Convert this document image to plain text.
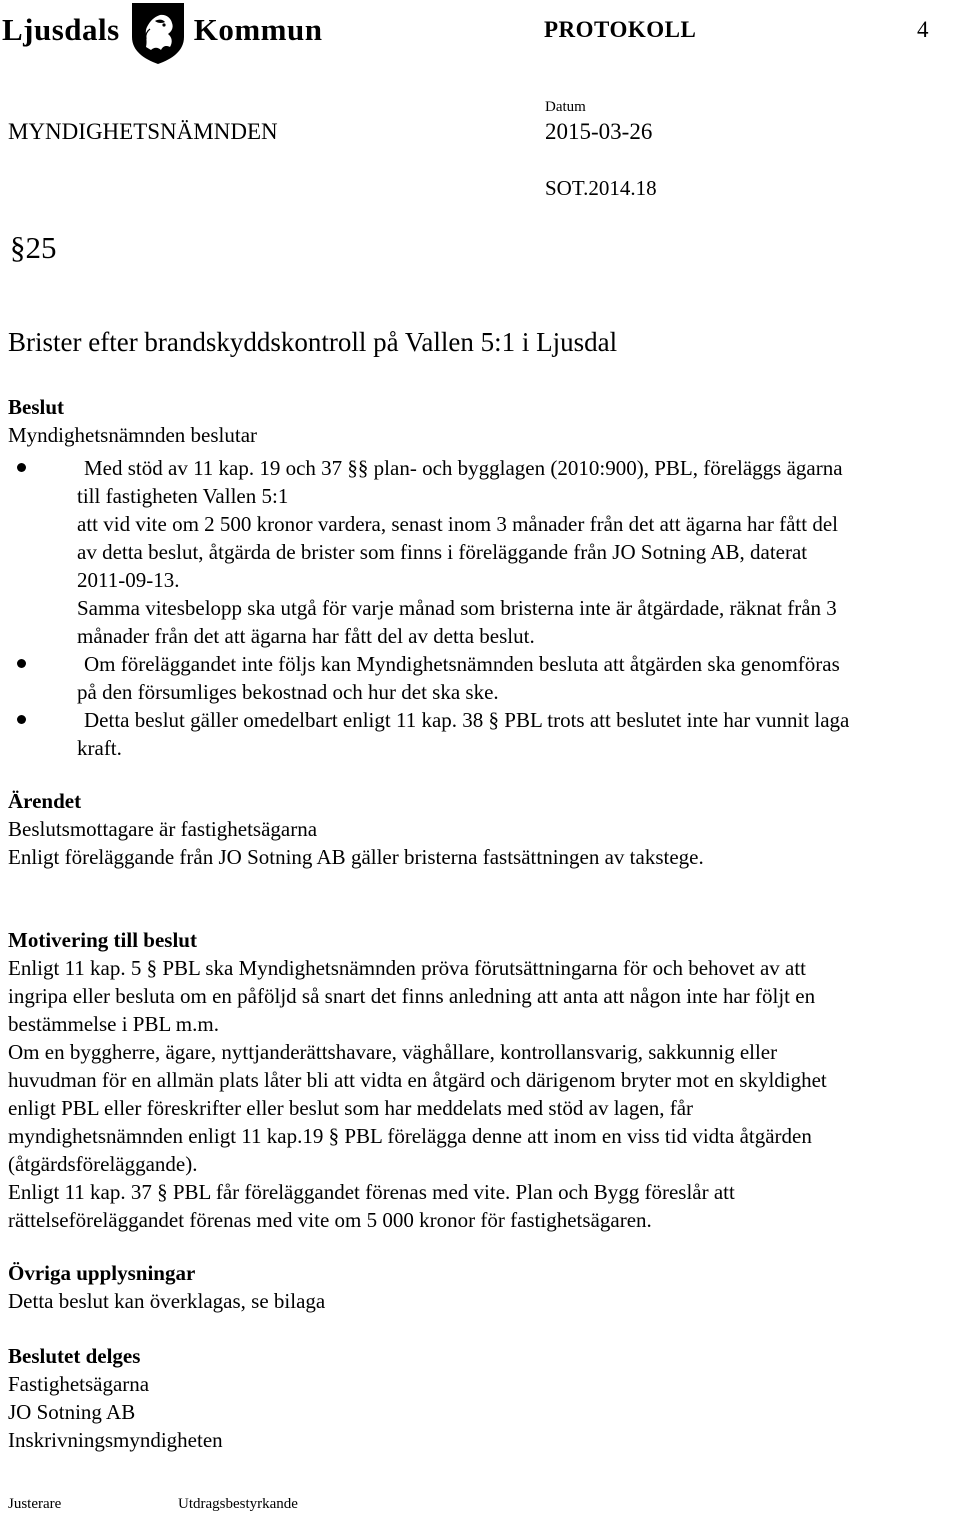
Ljusdals Kommun	PROTOKOLL	4
MYNDIGHETSNÄMNDEN
Datum
2015-03-26
SOT.2014.18
§25
Brister efter brandskyddskontroll på Vallen 5:1 i Ljusdal
Beslut
Myndighetsnämnden beslutar

Med stöd av 11 kap. 19 och 37 §§ plan- och bygglagen (2010:900), PBL, föreläggs ägarna

till fastigheten Vallen 5:1

att vid vite om 2 500 kronor vardera, senast inom 3 månader från det att ägarna har fått del

av detta beslut, åtgärda de brister som finns i föreläggande från JO Sotning AB, daterat

2011-09-13.

Samma vitesbelopp ska utgå för varje månad som bristerna inte är åtgärdade, räknat från 3

månader från det att ägarna har fått del av detta beslut.

Om föreläggandet inte följs kan Myndighetsnämnden besluta att åtgärden ska genomföras

på den försumliges bekostnad och hur det ska ske.

Detta beslut gäller omedelbart enligt 11 kap. 38 § PBL trots att beslutet inte har vunnit laga

kraft.

Ärendet
Beslutsmottagare är fastighetsägarna
Enligt föreläggande från JO Sotning AB gäller bristerna fastsättningen av takstege.
Motivering till beslut
Enligt 11 kap. 5 § PBL ska Myndighetsnämnden pröva förutsättningarna för och behovet av att
ingripa eller besluta om en påföljd så snart det finns anledning att anta att någon inte har följt en
bestämmelse i PBL m.m.
Om en byggherre, ägare, nyttjanderättshavare, väghållare, kontrollansvarig, sakkunnig eller
huvudman för en allmän plats låter bli att vidta en åtgärd och därigenom bryter mot en skyldighet
enligt PBL eller föreskrifter eller beslut som har meddelats med stöd av lagen, får
myndighetsnämnden enligt 11 kap.19 § PBL förelägga denne att inom en viss tid vidta åtgärden
(åtgärdsföreläggande).
Enligt 11 kap. 37 § PBL får föreläggandet förenas med vite. Plan och Bygg föreslår att
rättelseföreläggandet förenas med vite om 5 000 kronor för fastighetsägaren.
Övriga upplysningar
Detta beslut kan överklagas, se bilaga
Beslutet delges
Fastighetsägarna
JO Sotning AB
Inskrivningsmyndigheten
Justerare	Utdragsbestyrkande
